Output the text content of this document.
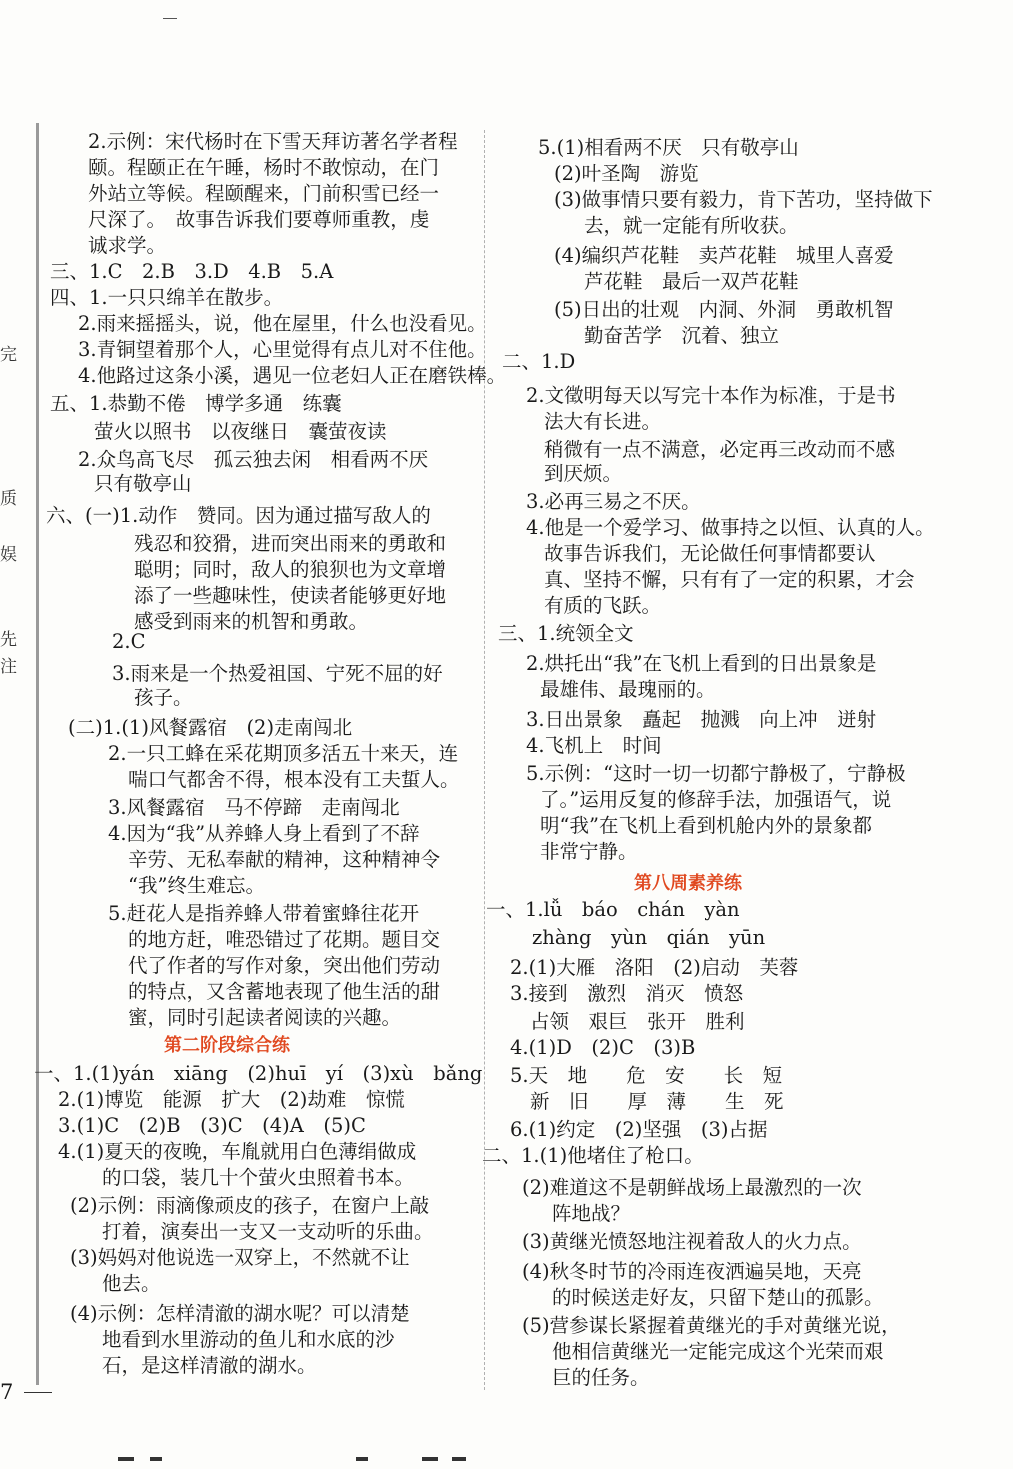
完
质
娱
先
注
2.示例：宋代杨时在下雪天拜访著名学者程
颐。程颐正在午睡，杨时不敢惊动，在门
外站立等候。程颐醒来，门前积雪已经一
尺深了。　故事告诉我们要尊师重教，虔
诚求学。
三、1.C　2.B　3.D　4.B　5.A
四、1.一只只绵羊在散步。
2.雨来摇摇头，说，他在屋里，什么也没看见。
3.青铜望着那个人，心里觉得有点儿对不住他。
4.他路过这条小溪，遇见一位老妇人正在磨铁棒。
五、1.恭勤不倦　博学多通　练囊
萤火以照书　以夜继日　囊萤夜读
2.众鸟高飞尽　孤云独去闲　相看两不厌
只有敬亭山
六、(一)1.动作　赞同。因为通过描写敌人的
残忍和狡猾，进而突出雨来的勇敢和
聪明；同时，敌人的狼狈也为文章增
添了一些趣味性，使读者能够更好地
感受到雨来的机智和勇敢。
2.C
3.雨来是一个热爱祖国、宁死不屈的好
孩子。
(二)1.(1)风餐露宿　(2)走南闯北
2.一只工蜂在采花期顶多活五十来天，连
喘口气都舍不得，根本没有工夫蜇人。
3.风餐露宿　马不停蹄　走南闯北
4.因为“我”从养蜂人身上看到了不辞
辛劳、无私奉献的精神，这种精神令
“我”终生难忘。
5.赶花人是指养蜂人带着蜜蜂往花开
的地方赶，唯恐错过了花期。题目交
代了作者的写作对象，突出他们劳动
的特点，又含蓄地表现了他生活的甜
蜜，同时引起读者阅读的兴趣。
第二阶段综合练
一、1.(1)yán　xiāng　(2)huī　yí　(3)xù　bǎng
2.(1)博览　能源　扩大　(2)劫难　惊慌
3.(1)C　(2)B　(3)C　(4)A　(5)C
4.(1)夏天的夜晚，车胤就用白色薄绢做成
的口袋，装几十个萤火虫照着书本。
(2)示例：雨滴像顽皮的孩子，在窗户上敲
打着，演奏出一支又一支动听的乐曲。
(3)妈妈对他说选一双穿上，不然就不让
他去。
(4)示例：怎样清澈的湖水呢？可以清楚
地看到水里游动的鱼儿和水底的沙
石，是这样清澈的湖水。
5.(1)相看两不厌　只有敬亭山
(2)叶圣陶　游览
(3)做事情只要有毅力，肯下苦功，坚持做下
去，就一定能有所收获。
(4)编织芦花鞋　卖芦花鞋　城里人喜爱
芦花鞋　最后一双芦花鞋
(5)日出的壮观　内洞、外洞　勇敢机智
勤奋苦学　沉着、独立
二、1.D
2.文徵明每天以写完十本作为标准，于是书
法大有长进。
稍微有一点不满意，必定再三改动而不感
到厌烦。
3.必再三易之不厌。
4.他是一个爱学习、做事持之以恒、认真的人。
故事告诉我们，无论做任何事情都要认
真、坚持不懈，只有有了一定的积累，才会
有质的飞跃。
三、1.统领全文
2.烘托出“我”在飞机上看到的日出景象是
最雄伟、最瑰丽的。
3.日出景象　矗起　抛溅　向上冲　迸射
4.飞机上　时间
5.示例：“这时一切一切都宁静极了，宁静极
了。”运用反复的修辞手法，加强语气，说
明“我”在飞机上看到机舱内外的景象都
非常宁静。
第八周素养练
一、1.lǚ　báo　chán　yàn
zhàng　yùn　qián　yūn
2.(1)大雁　洛阳　(2)启动　芙蓉
3.接到　激烈　消灭　愤怒
占领　艰巨　张开　胜利
4.(1)D　(2)C　(3)B
5.天　地　　危　安　　长　短
新　旧　　厚　薄　　生　死
6.(1)约定　(2)坚强　(3)占据
二、1.(1)他堵住了枪口。
(2)难道这不是朝鲜战场上最激烈的一次
阵地战？
(3)黄继光愤怒地注视着敌人的火力点。
(4)秋冬时节的冷雨连夜洒遍吴地，天亮
的时候送走好友，只留下楚山的孤影。
(5)营参谋长紧握着黄继光的手对黄继光说，
他相信黄继光一定能完成这个光荣而艰
巨的任务。
7
